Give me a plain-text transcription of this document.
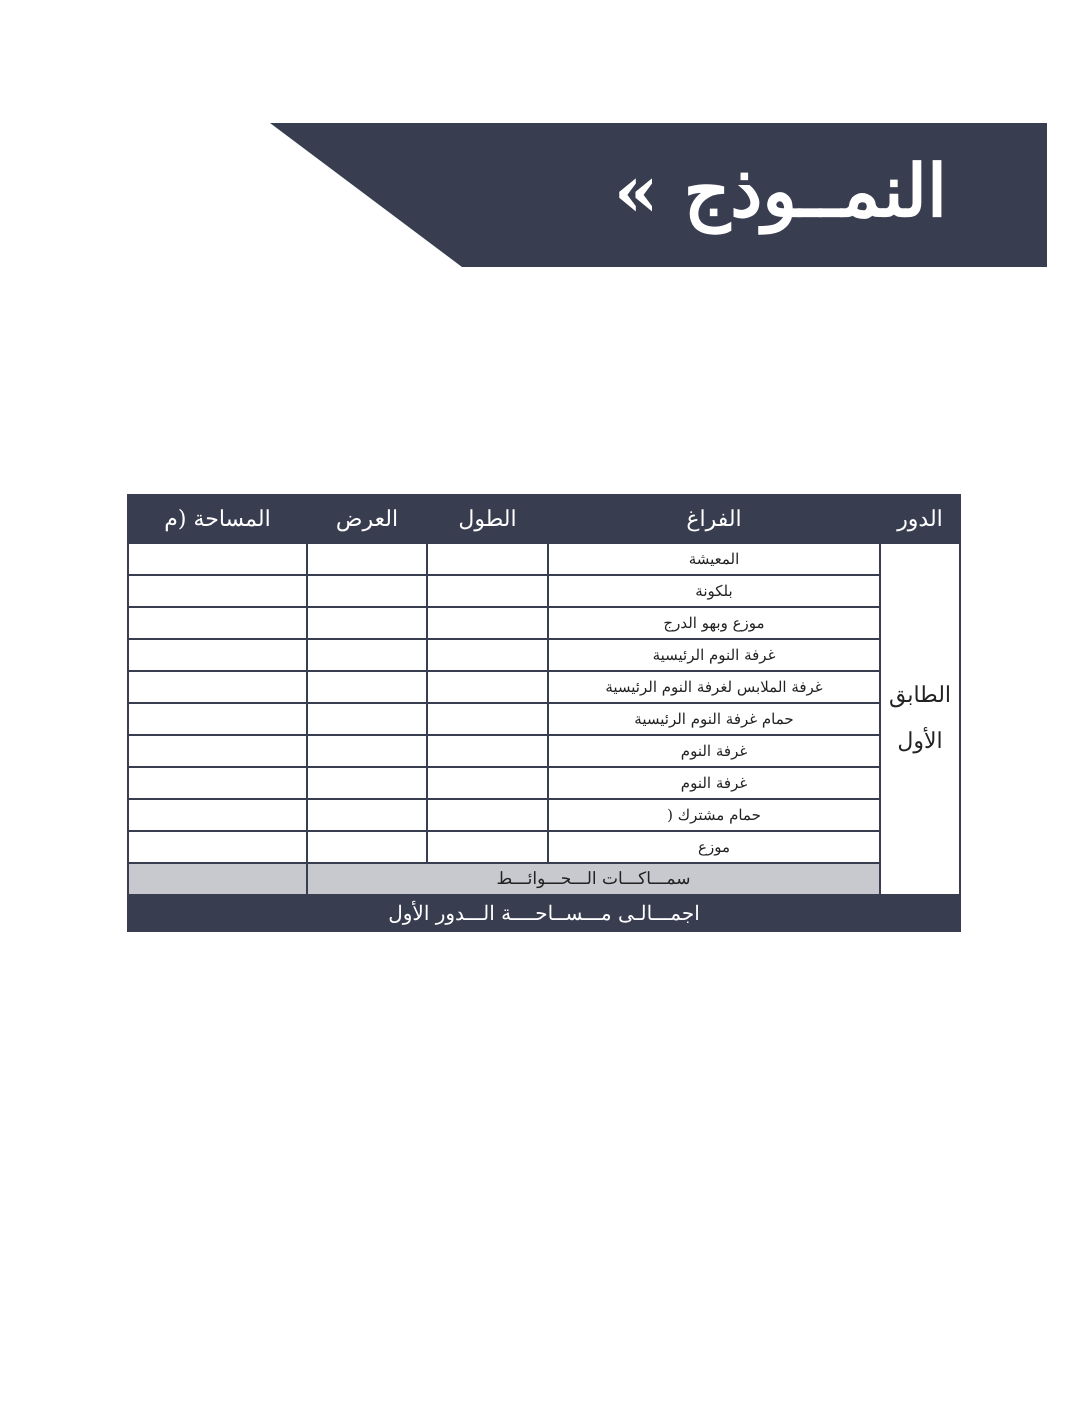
النمــوذج »
الدور	الفراغ	الطول	العرض	المساحة (م

الطابق
الأول	المعيشة			
	بلكونة			
	موزع وبهو الدرج			
	غرفة النوم الرئيسية			
	غرفة الملابس لغرفة النوم الرئيسية			
	حمام غرفة النوم الرئيسية			
	غرفة النوم			
	غرفة النوم			
	حمام مشترك (			
	موزع			
	سمـــاكـــات الـــحـــوائـــط			
اجمـــالـى مـــســاحــــة الـــدور الأول				
